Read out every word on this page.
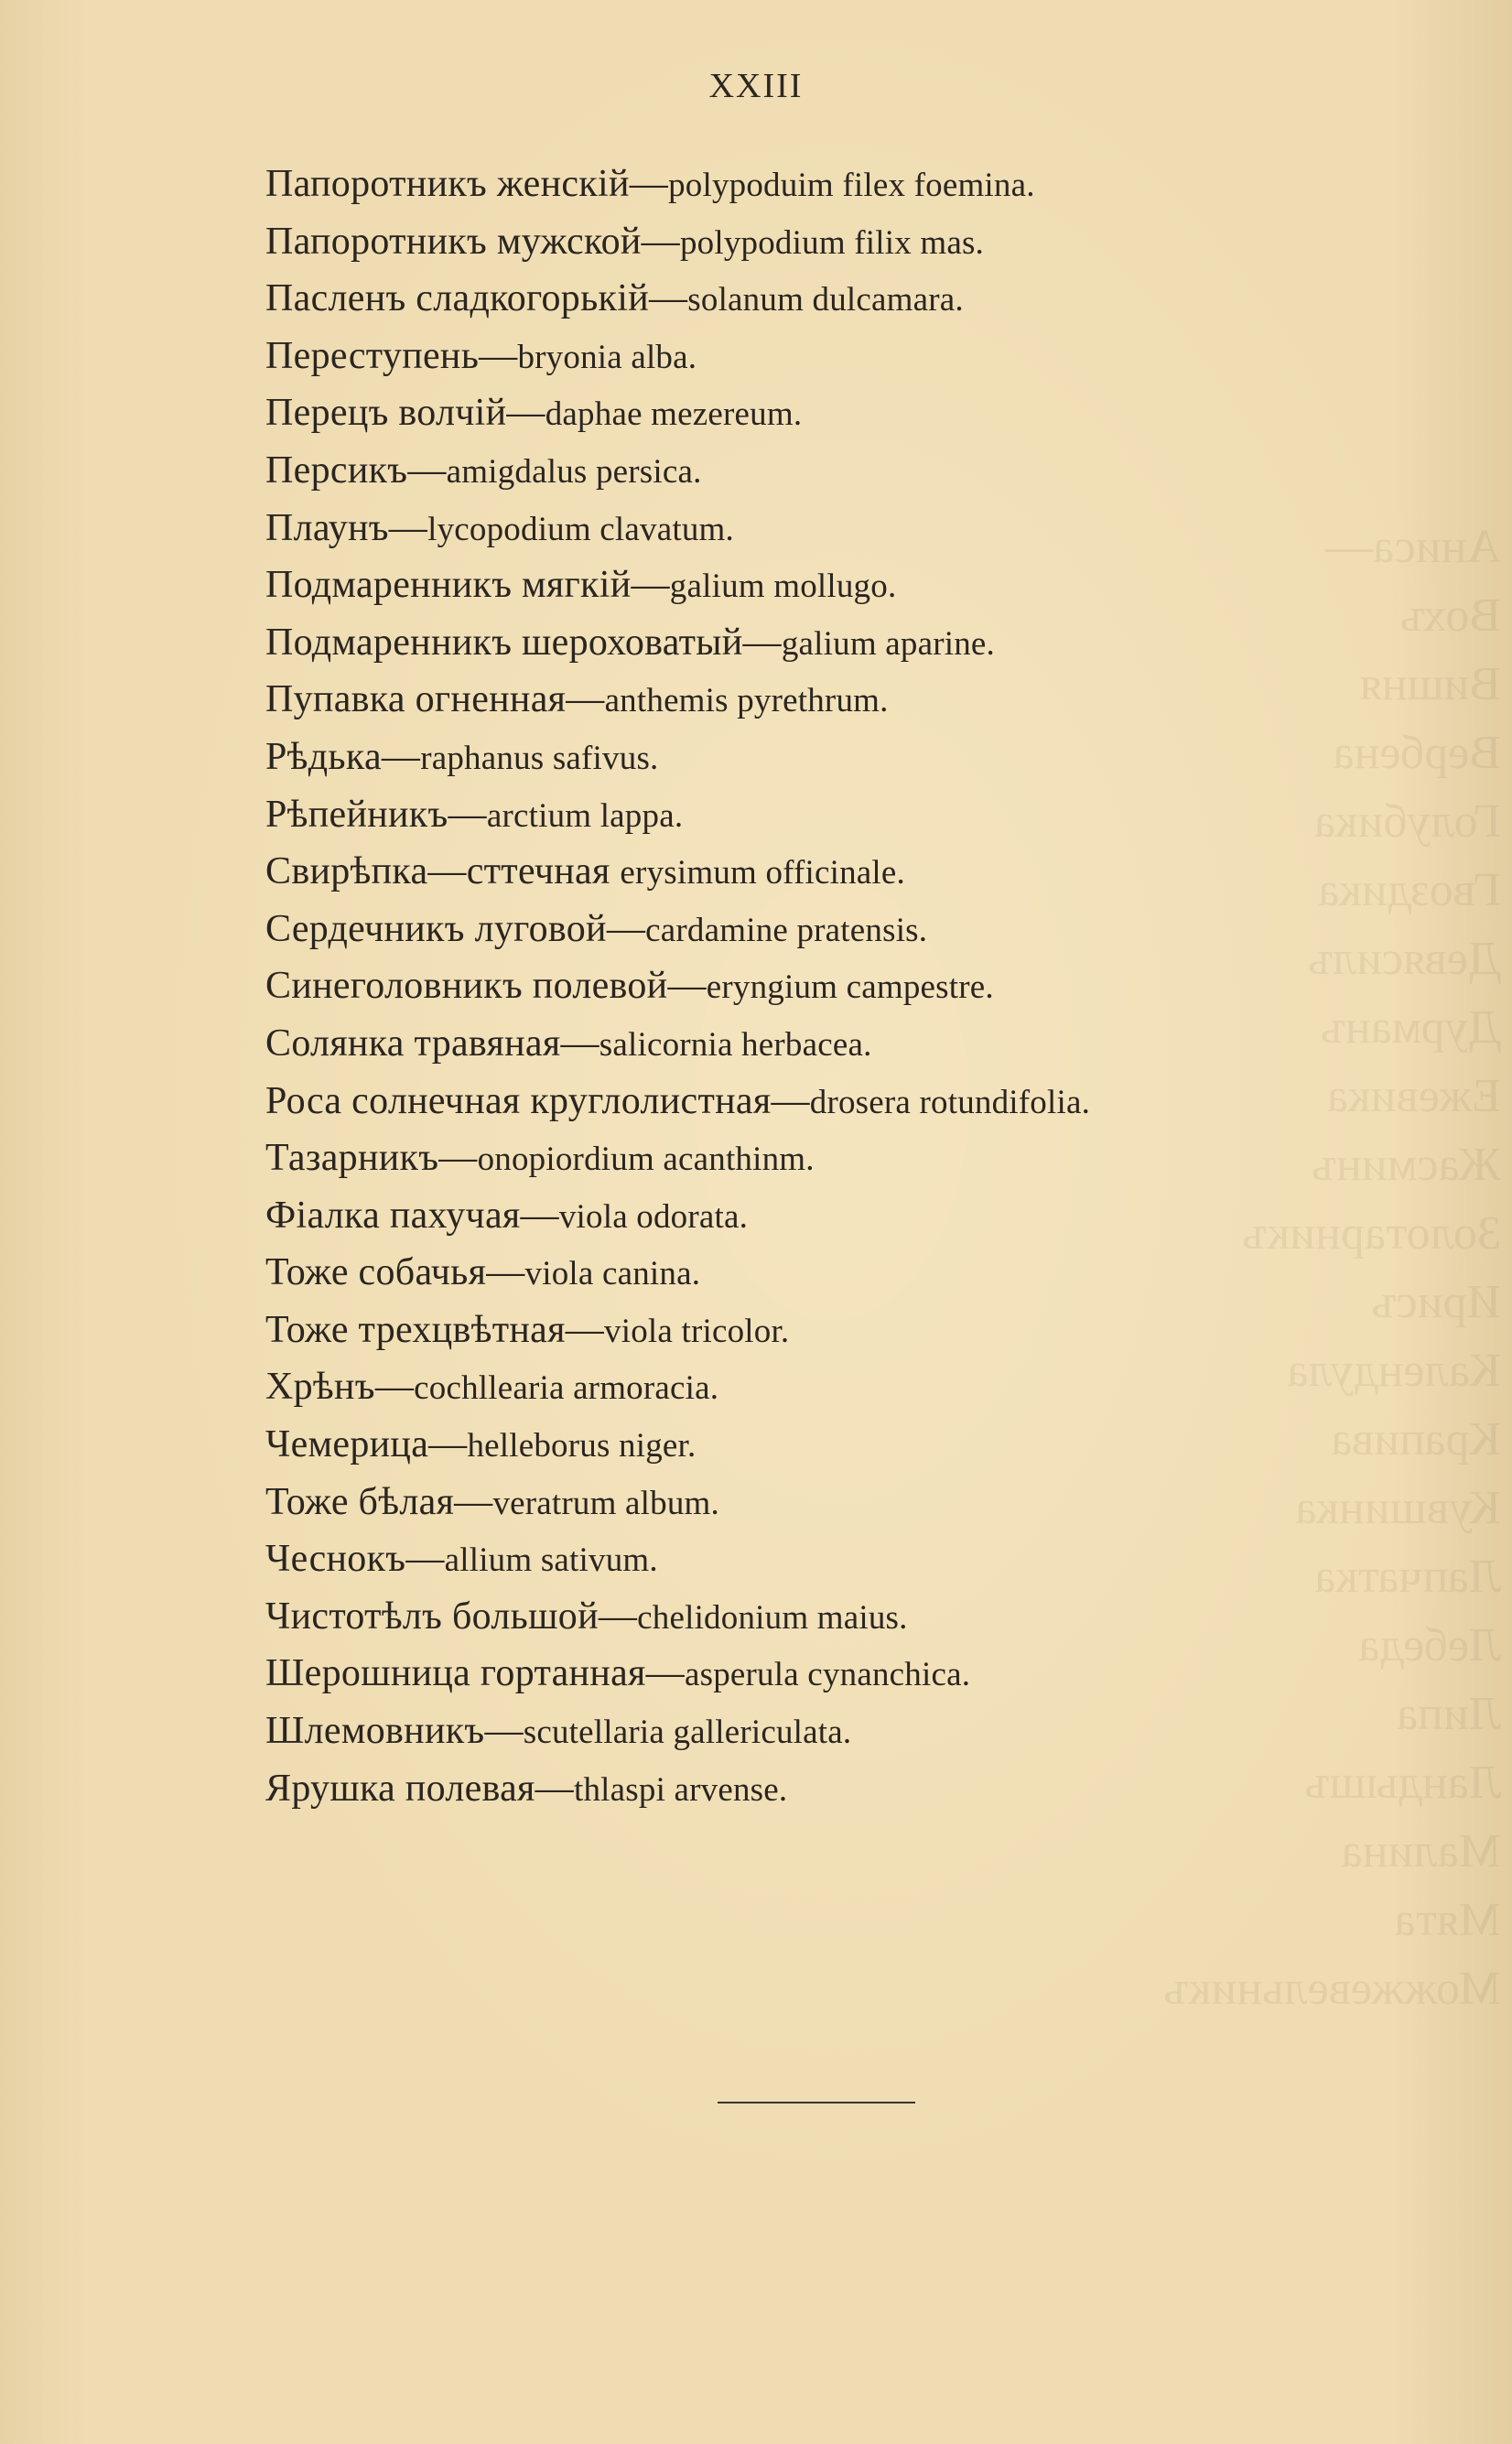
Аниса—
Вохъ
Вишня
Вербена
Голубика
Гвоздика
Девясилъ
Дурманъ
Ежевика
Жасминъ
Золотарникъ
Ирисъ
Календула
Крапива
Кувшинка
Лапчатка
Лебеда
Липа
Ландышъ
Малина
Мята
Можжевельникъ
XXIII
Папоротникъ женскій—polypoduim filex foemina.
Папоротникъ мужской—polypodium filix mas.
Пасленъ сладкогорькій—solanum dulcamara.
Переступень—bryonia alba.
Перецъ волчій—daphae mezereum.
Персикъ—amigdalus persica.
Плаунъ—lycopodium clavatum.
Подмаренникъ мягкій—galium mollugo.
Подмаренникъ шероховатый—galium aparine.
Пупавка огненная—anthemis pyrethrum.
Рѣдька—raphanus safivus.
Рѣпейникъ—arctium lappa.
Свирѣпка—сттечная erysimum officinale.
Сердечникъ луговой—cardamine pratensis.
Синеголовникъ полевой—eryngium campestre.
Солянка травяная—salicornia herbacea.
Роса солнечная круглолистная—drosera rotundifolia.
Тазарникъ—onopiordium acanthinm.
Фіалка пахучая—viola odorata.
Тоже собачья—viola canina.
Тоже трехцвѣтная—viola tricolor.
Хрѣнъ—cochllearia armoracia.
Чемерица—helleborus niger.
Тоже бѣлая—veratrum album.
Чеснокъ—allium sativum.
Чистотѣлъ большой—chelidonium maius.
Шерошница гортанная—asperula cynanchica.
Шлемовникъ—scutellaria gallericulata.
Ярушка полевая—thlaspi arvense.
